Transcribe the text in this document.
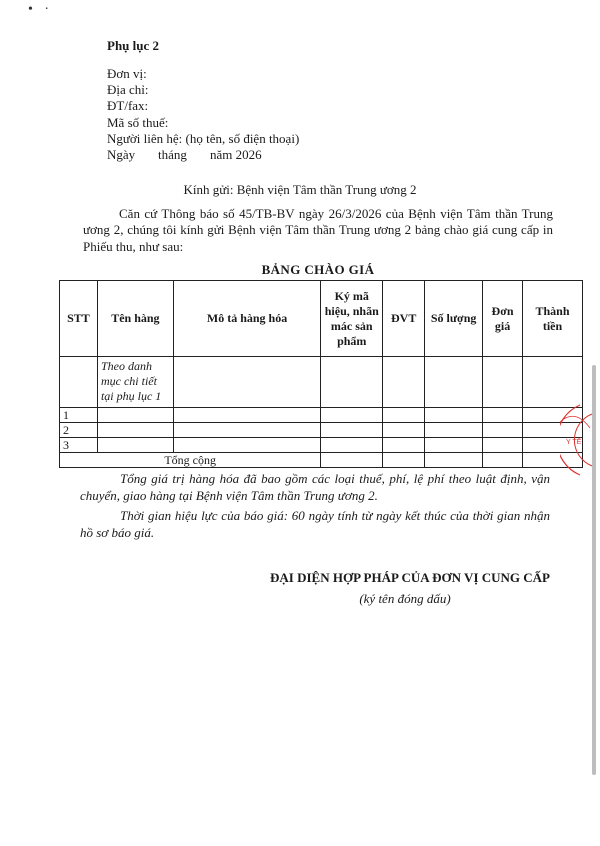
• ·
Phụ lục 2
Đơn vị:
Địa chỉ:
ĐT/fax:
Mã số thuế:
Người liên hệ: (họ tên, số điện thoại)
Ngày tháng năm 2026
Kính gửi: Bệnh viện Tâm thần Trung ương 2
Căn cứ Thông báo số 45/TB-BV ngày 26/3/2026 của Bệnh viện Tâm thần Trung ương 2, chúng tôi kính gửi Bệnh viện Tâm thần Trung ương 2 bảng chào giá cung cấp in Phiếu thu, như sau:
BẢNG CHÀO GIÁ
STT	Tên hàng	Mô tả hàng hóa	Ký mã hiệu, nhãn mác sản phẩm	ĐVT	Số lượng	Đơn giá	Thành tiền
	Theo danh mục chi tiết tại phụ lục 1						
1							
2							
3							
Tổng cộng							
Tổng giá trị hàng hóa đã bao gồm các loại thuế, phí, lệ phí theo luật định, vận chuyển, giao hàng tại Bệnh viện Tâm thần Trung ương 2.
Thời gian hiệu lực của báo giá: 60 ngày tính từ ngày kết thúc của thời gian nhận hồ sơ báo giá.
ĐẠI DIỆN HỢP PHÁP CỦA ĐƠN VỊ CUNG CẤP
(ký tên đóng dấu)
Y TẾ
